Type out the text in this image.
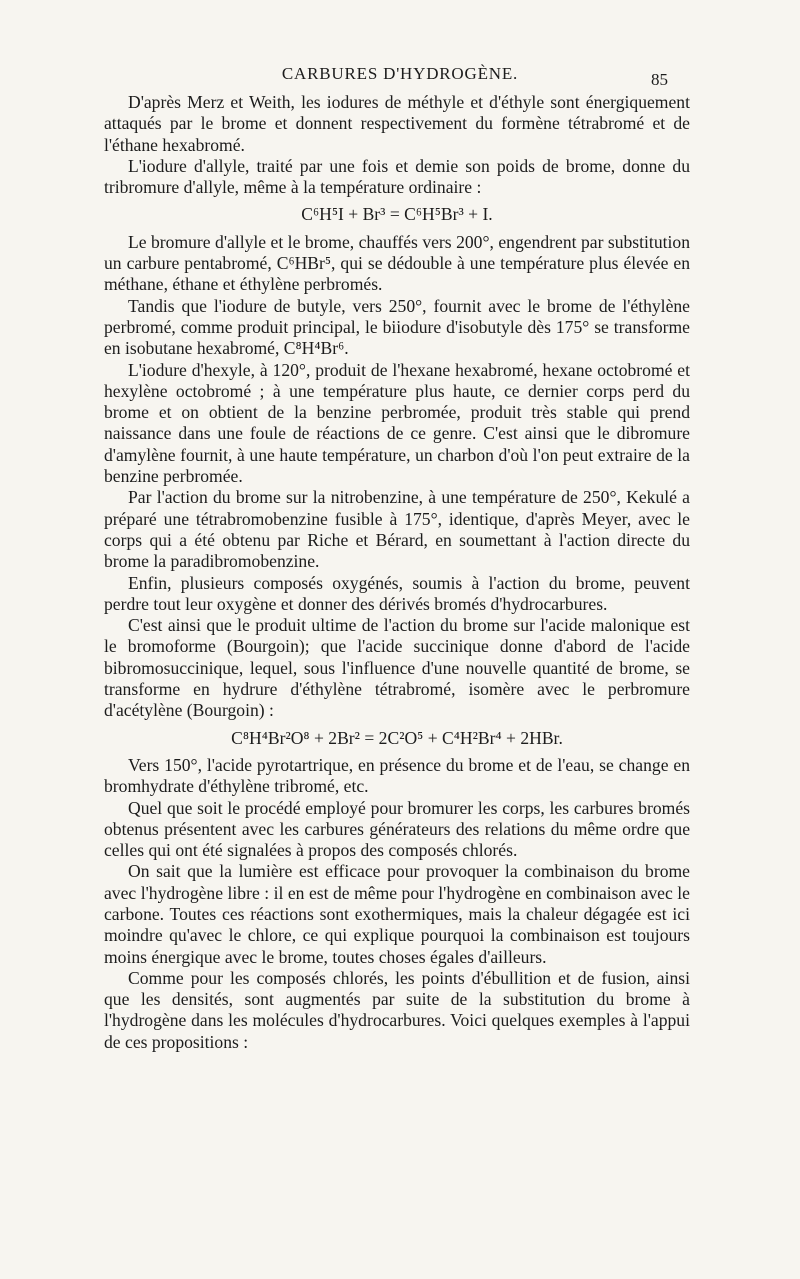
CARBURES D'HYDROGÈNE.	85

D'après Merz et Weith, les iodures de méthyle et d'éthyle sont énergiquement attaqués par le brome et donnent respectivement du formène tétrabromé et de l'éthane hexabromé.

L'iodure d'allyle, traité par une fois et demie son poids de brome, donne du tribromure d'allyle, même à la température ordinaire :

C⁶H⁵I + Br³ = C⁶H⁵Br³ + I.

Le bromure d'allyle et le brome, chauffés vers 200°, engendrent par substitution un carbure pentabromé, C⁶HBr⁵, qui se dédouble à une température plus élevée en méthane, éthane et éthylène perbromés.

Tandis que l'iodure de butyle, vers 250°, fournit avec le brome de l'éthylène perbromé, comme produit principal, le biiodure d'isobutyle dès 175° se transforme en isobutane hexabromé, C⁸H⁴Br⁶.

L'iodure d'hexyle, à 120°, produit de l'hexane hexabromé, hexane octobromé et hexylène octobromé ; à une température plus haute, ce dernier corps perd du brome et on obtient de la benzine perbromée, produit très stable qui prend naissance dans une foule de réactions de ce genre. C'est ainsi que le dibromure d'amylène fournit, à une haute température, un charbon d'où l'on peut extraire de la benzine perbromée.

Par l'action du brome sur la nitrobenzine, à une température de 250°, Kekulé a préparé une tétrabromobenzine fusible à 175°, identique, d'après Meyer, avec le corps qui a été obtenu par Riche et Bérard, en soumettant à l'action directe du brome la paradibromobenzine.

Enfin, plusieurs composés oxygénés, soumis à l'action du brome, peuvent perdre tout leur oxygène et donner des dérivés bromés d'hydrocarbures.

C'est ainsi que le produit ultime de l'action du brome sur l'acide malonique est le bromoforme (Bourgoin); que l'acide succinique donne d'abord de l'acide bibromosuccinique, lequel, sous l'influence d'une nouvelle quantité de brome, se transforme en hydrure d'éthylène tétrabromé, isomère avec le perbromure d'acétylène (Bourgoin) :

C⁸H⁴Br²O⁸ + 2Br² = 2C²O⁵ + C⁴H²Br⁴ + 2HBr.

Vers 150°, l'acide pyrotartrique, en présence du brome et de l'eau, se change en bromhydrate d'éthylène tribromé, etc.

Quel que soit le procédé employé pour bromurer les corps, les carbures bromés obtenus présentent avec les carbures générateurs des relations du même ordre que celles qui ont été signalées à propos des composés chlorés.

On sait que la lumière est efficace pour provoquer la combinaison du brome avec l'hydrogène libre : il en est de même pour l'hydrogène en combinaison avec le carbone. Toutes ces réactions sont exothermiques, mais la chaleur dégagée est ici moindre qu'avec le chlore, ce qui explique pourquoi la combinaison est toujours moins énergique avec le brome, toutes choses égales d'ailleurs.

Comme pour les composés chlorés, les points d'ébullition et de fusion, ainsi que les densités, sont augmentés par suite de la substitution du brome à l'hydrogène dans les molécules d'hydrocarbures. Voici quelques exemples à l'appui de ces propositions :
